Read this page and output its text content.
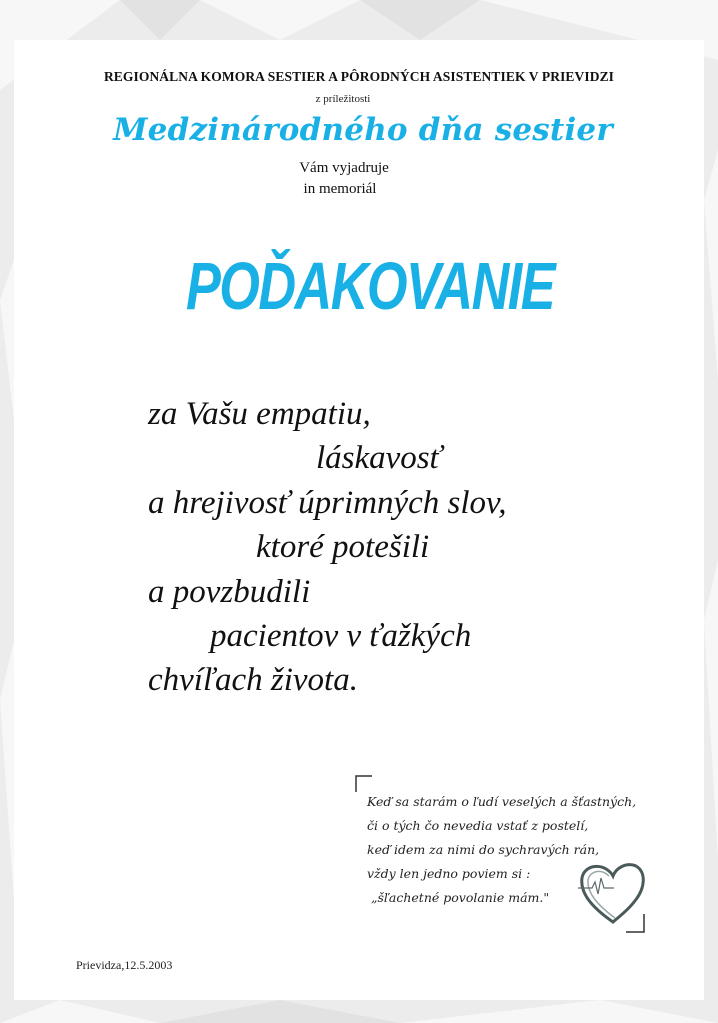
REGIONÁLNA KOMORA SESTIER A PÔRODNÝCH ASISTENTIEK V PRIEVIDZI
z príležitosti
Medzinárodného dňa sestier
Vám vyjadruje
in memoriál
POĎAKOVANIE
za Vašu empatiu,
láskavosť
a hrejivosť úprimných slov,
ktoré potešili
a povzbudili
pacientov v ťažkých
chvíľach života.
Keď sa starám o ľudí veselých a šťastných,
či o tých čo nevedia vstať z postelí,
keď idem za nimi do sychravých rán,
vždy len jedno poviem si :
„šľachetné povolanie mám."
Prievidza,12.5.2003
